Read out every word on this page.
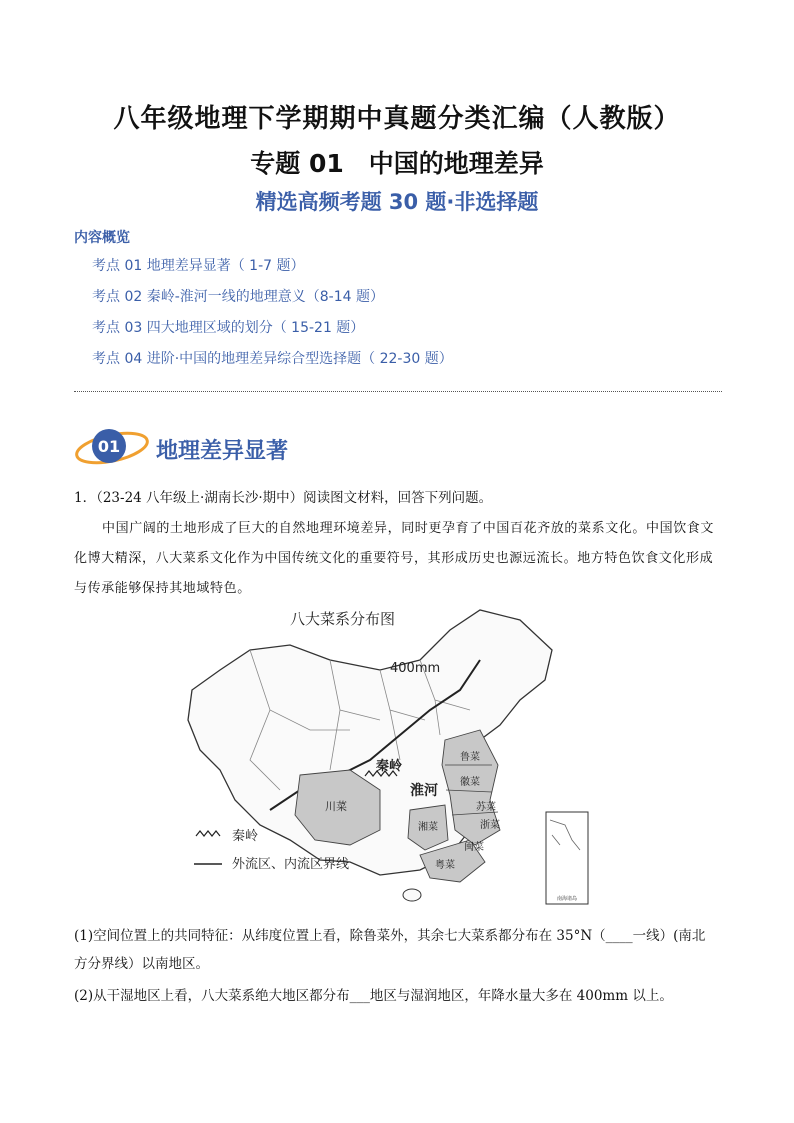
八年级地理下学期期中真题分类汇编（人教版）
专题 01　中国的地理差异
精选高频考题 30 题·非选择题
内容概览
考点 01 地理差异显著（ 1-7 题）
考点 02 秦岭-淮河一线的地理意义（8-14 题）
考点 03 四大地理区域的划分（ 15-21 题）
考点 04 进阶·中国的地理差异综合型选择题（ 22-30 题）
01 地理差异显著
1．（23-24 八年级上·湖南长沙·期中）阅读图文材料，回答下列问题。
中国广阔的土地形成了巨大的自然地理环境差异，同时更孕育了中国百花齐放的菜系文化。中国饮食文化博大精深，八大菜系文化作为中国传统文化的重要符号，其形成历史也源远流长。地方特色饮食文化形成与传承能够保持其地域特色。
八大菜系分布图
400mm
秦岭
淮河
鲁菜
徽菜
苏菜
浙菜
川菜
湘菜
闽菜
粤菜
秦岭
外流区、内流区界线
南海诸岛
(1)空间位置上的共同特征：从纬度位置上看，除鲁菜外，其余七大菜系都分布在 35°N（____一线）(南北
方分界线）以南地区。
(2)从干湿地区上看，八大菜系绝大地区都分布___地区与湿润地区，年降水量大多在 400mm 以上。
